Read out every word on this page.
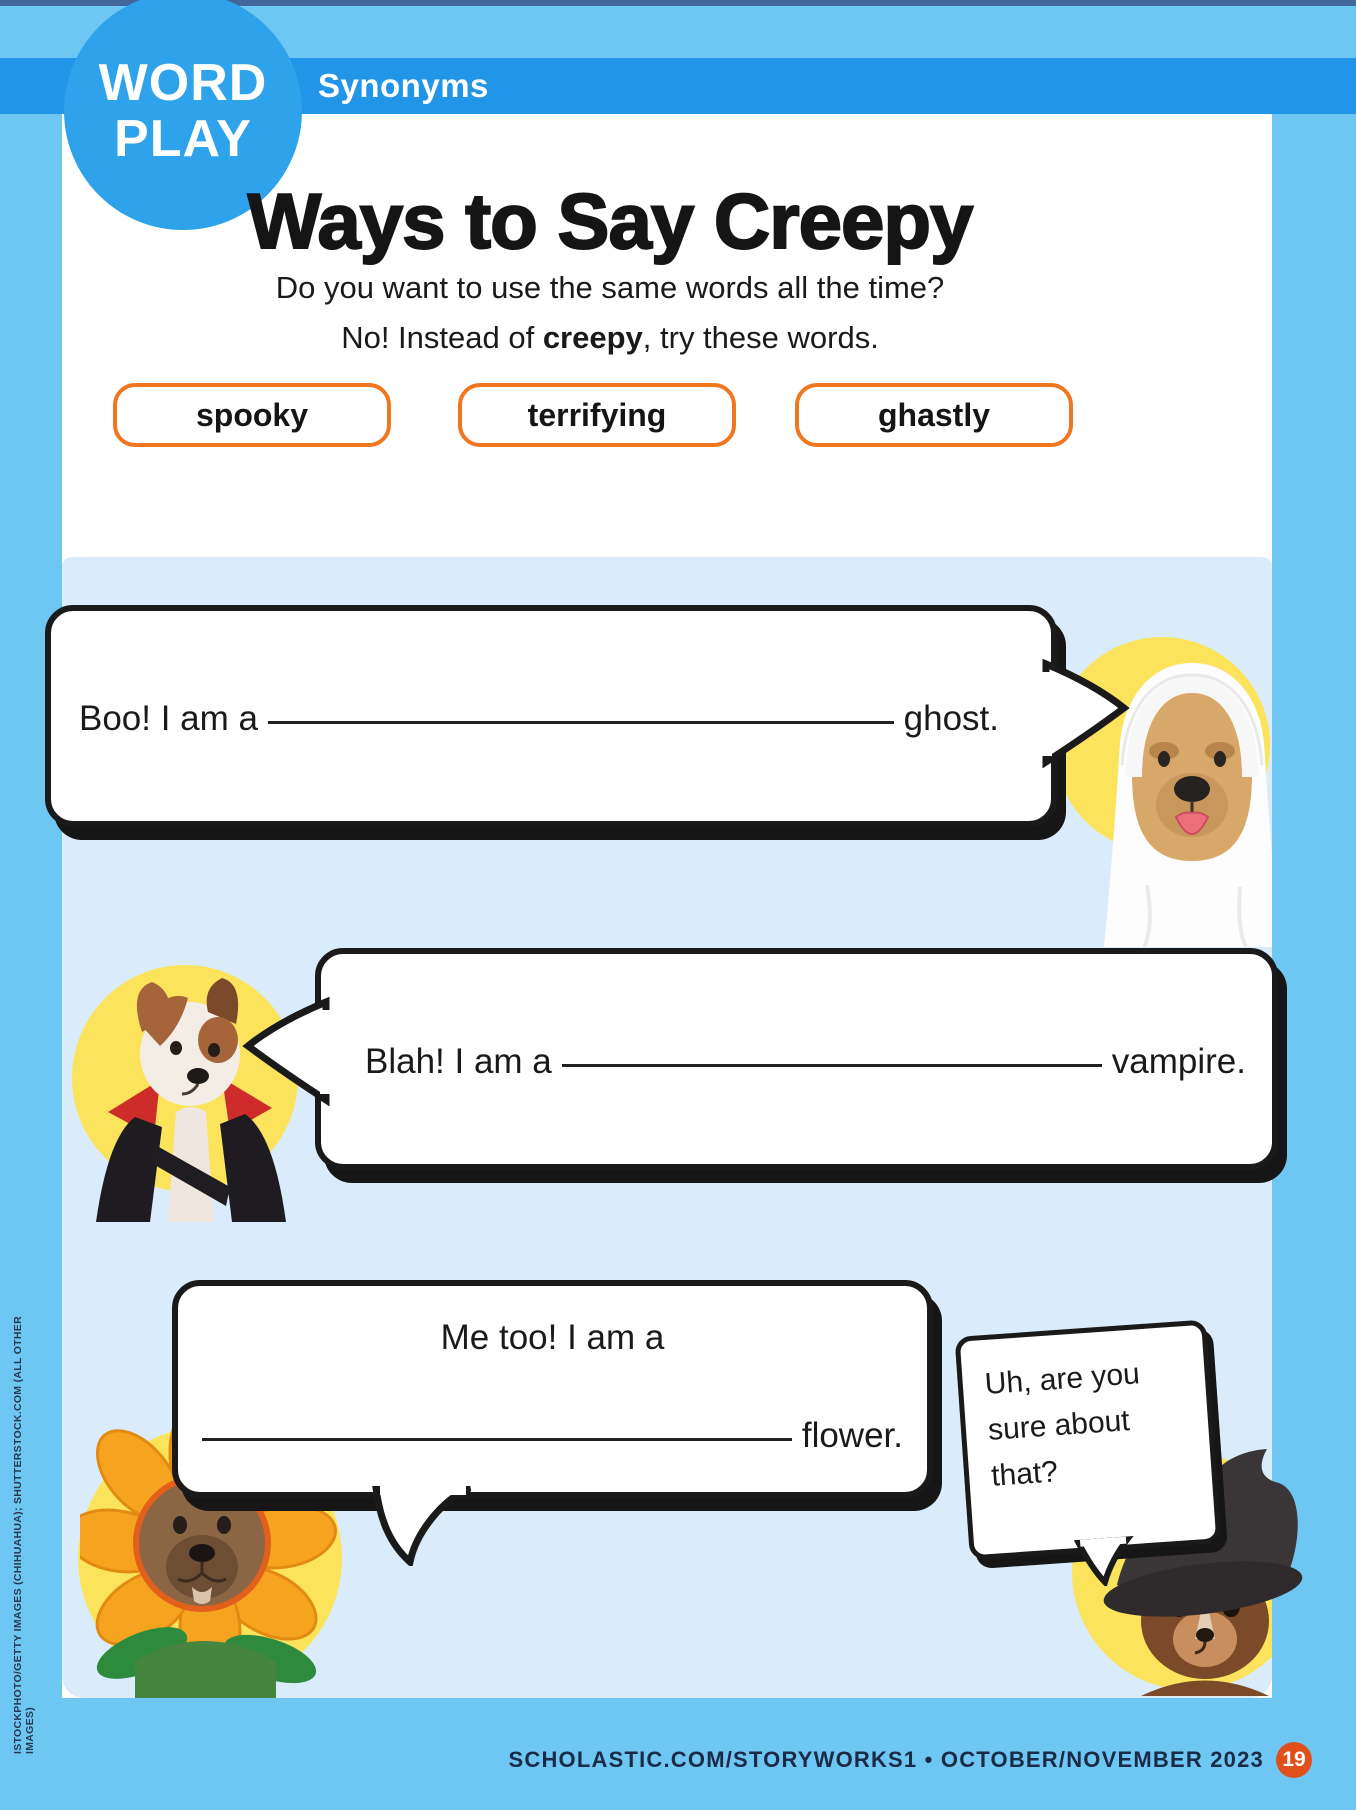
Synonyms
WORD
PLAY
Ways to Say Creepy
Do you want to use the same words all the time?
No! Instead of creepy, try these words.
spooky	terrifying	ghastly
Boo! I am a	ghost.
Blah! I am a	vampire.
Me too! I am a
flower.
Uh, are you
sure about
that?
SCHOLASTIC.COM/STORYWORKS1 • OCTOBER/NOVEMBER 2023 19
ISTOCKPHOTO/GETTY IMAGES (CHIHUAHUA); SHUTTERSTOCK.COM (ALL OTHER IMAGES)
